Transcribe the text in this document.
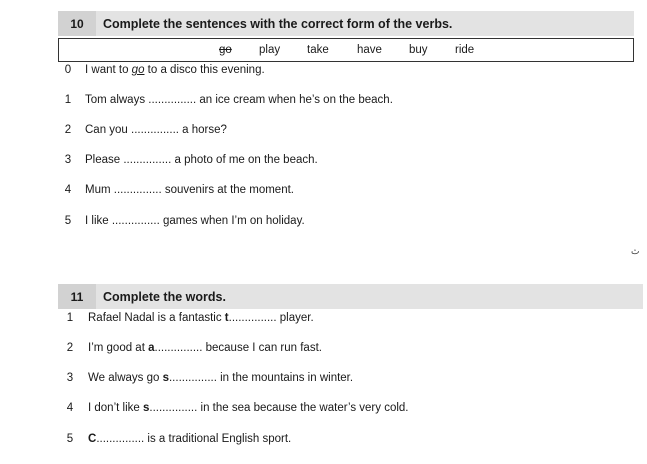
10	Complete the sentences with the correct form of the verbs.
go play take have buy ride
0 I want to go to a disco this evening.
1 Tom always ............... an ice cream when he’s on the beach.
2 Can you ............... a horse?
3 Please ............... a photo of me on the beach.
4 Mum ............... souvenirs at the moment.
5 I like ............... games when I’m on holiday.
ث
11	Complete the words.
1 Rafael Nadal is a fantastic t............... player.
2 I’m good at a............... because I can run fast.
3 We always go s............... in the mountains in winter.
4 I don’t like s............... in the sea because the water’s very cold.
5 C............... is a traditional English sport.
